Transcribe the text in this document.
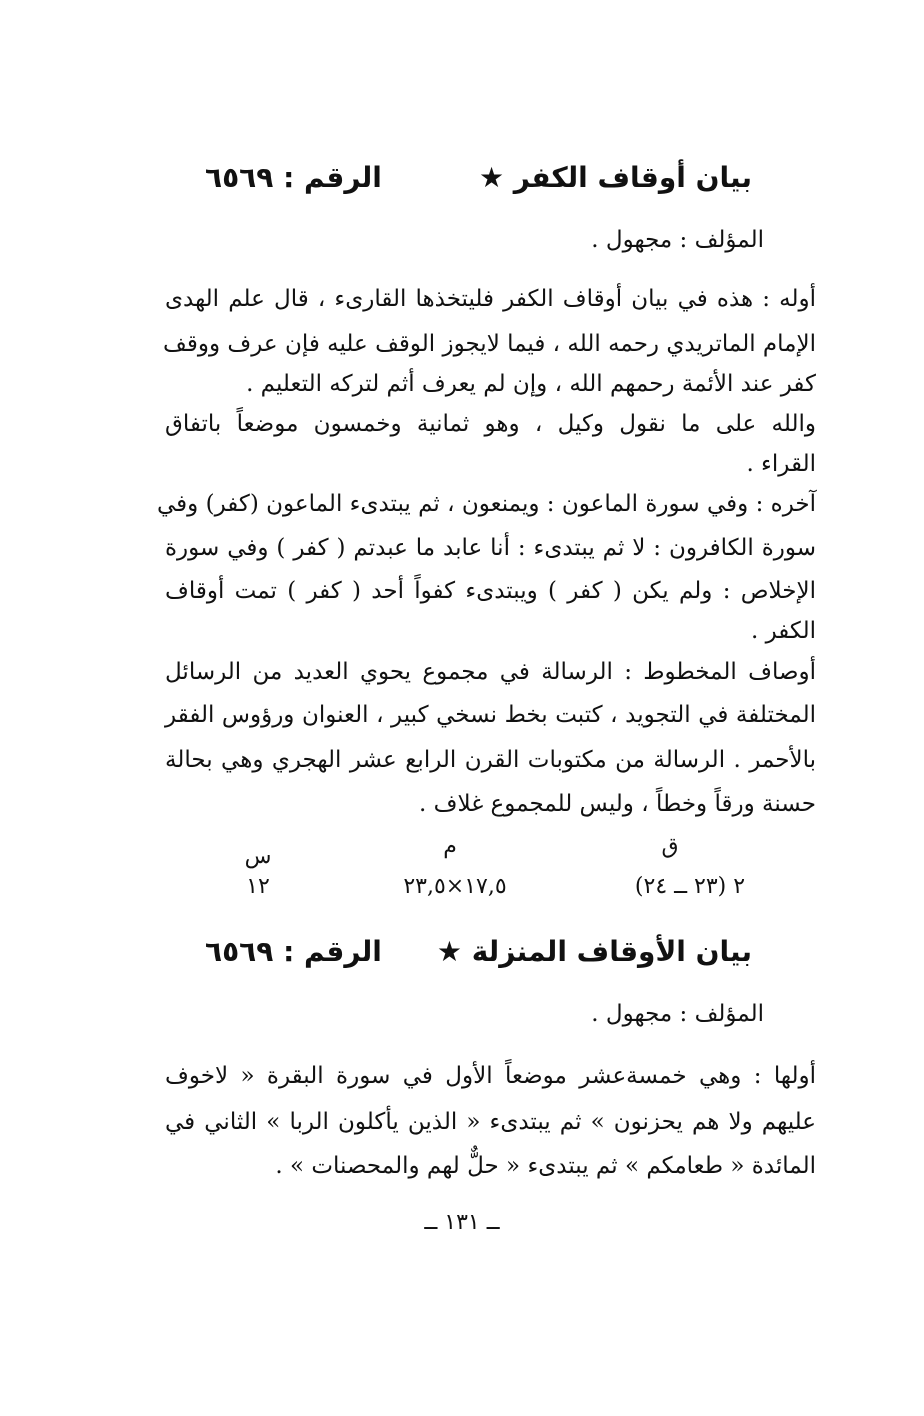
بيان أوقاف الكفر ★
الرقم : ٦٥٦٩
المؤلف : مجهول .
أوله : هذه في بيان أوقاف الكفر فليتخذها القارىء ، قال علم الهدى
الإمام الماتريدي رحمه الله ، فيما لايجوز الوقف عليه فإن عرف ووقف
كفر عند الأئمة رحمهم الله ، وإن لم يعرف أثم لتركه التعليم .
والله على ما نقول وكيل ، وهو ثمانية وخمسون موضعاً باتفاق
القراء .
آخره : وفي سورة الماعون : ويمنعون ، ثم يبتدىء الماعون (كفر) وفي
سورة الكافرون : لا ثم يبتدىء : أنا عابد ما عبدتم ( كفر ) وفي سورة
الإخلاص : ولم يكن ( كفر ) ويبتدىء كفواً أحد ( كفر ) تمت أوقاف
الكفر .
أوصاف المخطوط : الرسالة في مجموع يحوي العديد من الرسائل
المختلفة في التجويد ، كتبت بخط نسخي كبير ، العنوان ورؤوس الفقر
بالأحمر . الرسالة من مكتوبات القرن الرابع عشر الهجري وهي بحالة
حسنة ورقاً وخطاً ، وليس للمجموع غلاف .
ق
م
س
٢ (٢٣ ــ ٢٤)
١٧,٥×٢٣,٥
١٢
بيان الأوقاف المنزلة ★
الرقم : ٦٥٦٩
المؤلف : مجهول .
أولها : وهي خمسةعشر موضعاً الأول في سورة البقرة « لاخوف
عليهم ولا هم يحزنون » ثم يبتدىء « الذين يأكلون الربا » الثاني في
المائدة « طعامكم » ثم يبتدىء « حلٌّ لهم والمحصنات » .
ــ ١٣١ ــ
